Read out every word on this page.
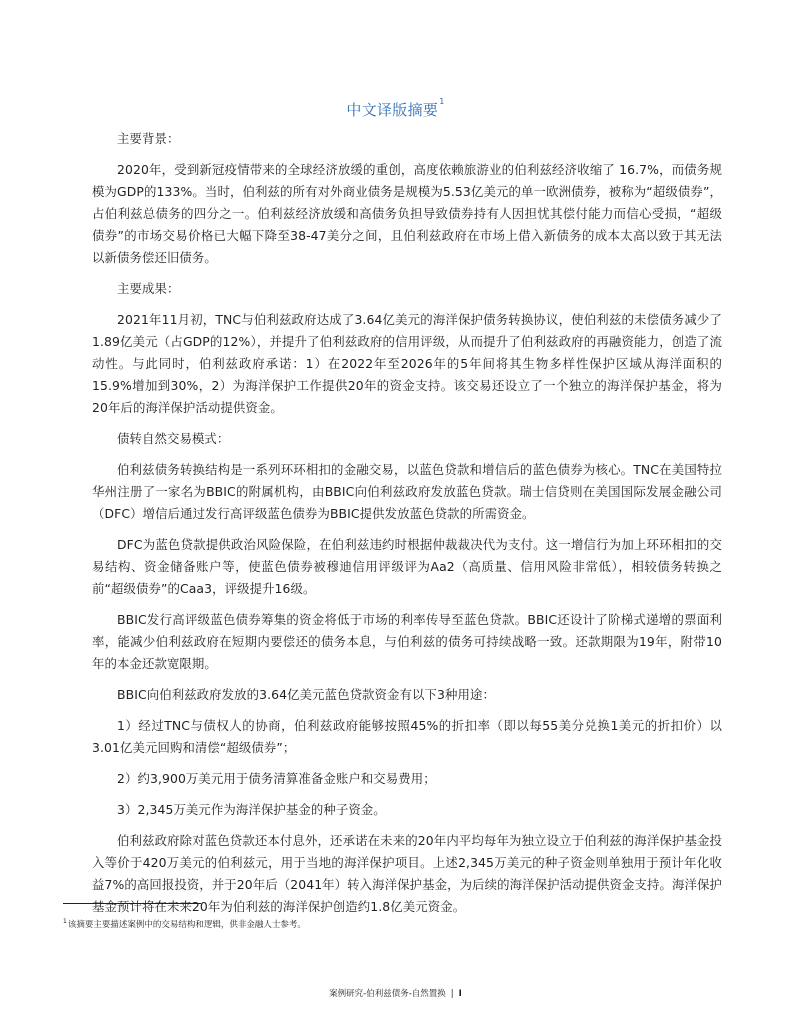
中文译版摘要$^1$

主要背景：

2020年，受到新冠疫情带来的全球经济放缓的重创，高度依赖旅游业的伯利兹经济收缩了 16.7%，而债务规模为GDP的133%。当时，伯利兹的所有对外商业债务是规模为5.53亿美元的单一欧洲债券，被称为“超级债券”，占伯利兹总债务的四分之一。伯利兹经济放缓和高债务负担导致债券持有人因担忧其偿付能力而信心受损，“超级债券”的市场交易价格已大幅下降至38-47美分之间，且伯利兹政府在市场上借入新债务的成本太高以致于其无法以新债务偿还旧债务。

主要成果：

2021年11月初，TNC与伯利兹政府达成了3.64亿美元的海洋保护债务转换协议，使伯利兹的未偿债务减少了1.89亿美元（占GDP的12%），并提升了伯利兹政府的信用评级，从而提升了伯利兹政府的再融资能力，创造了流动性。与此同时，伯利兹政府承诺：1）在2022年至2026年的5年间将其生物多样性保护区域从海洋面积的15.9%增加到30%，2）为海洋保护工作提供20年的资金支持。该交易还设立了一个独立的海洋保护基金，将为20年后的海洋保护活动提供资金。

债转自然交易模式：

伯利兹债务转换结构是一系列环环相扣的金融交易，以蓝色贷款和增信后的蓝色债券为核心。TNC在美国特拉华州注册了一家名为BBIC的附属机构，由BBIC向伯利兹政府发放蓝色贷款。瑞士信贷则在美国国际发展金融公司（DFC）增信后通过发行高评级蓝色债券为BBIC提供发放蓝色贷款的所需资金。

DFC为蓝色贷款提供政治风险保险，在伯利兹违约时根据仲裁裁决代为支付。这一增信行为加上环环相扣的交易结构、资金储备账户等，使蓝色债券被穆迪信用评级评为Aa2（高质量、信用风险非常低），相较债务转换之前“超级债券”的Caa3，评级提升16级。

BBIC发行高评级蓝色债券筹集的资金将低于市场的利率传导至蓝色贷款。BBIC还设计了阶梯式递增的票面利率，能减少伯利兹政府在短期内要偿还的债务本息，与伯利兹的债务可持续战略一致。还款期限为19年，附带10年的本金还款宽限期。

BBIC向伯利兹政府发放的3.64亿美元蓝色贷款资金有以下3种用途：

1）经过TNC与债权人的协商，伯利兹政府能够按照45%的折扣率（即以每55美分兑换1美元的折扣价）以3.01亿美元回购和清偿“超级债券”；

2）约3,900万美元用于债务清算准备金账户和交易费用；

3）2,345万美元作为海洋保护基金的种子资金。

伯利兹政府除对蓝色贷款还本付息外，还承诺在未来的20年内平均每年为独立设立于伯利兹的海洋保护基金投入等价于420万美元的伯利兹元，用于当地的海洋保护项目。上述2,345万美元的种子资金则单独用于预计年化收益7%的高回报投资，并于20年后（2041年）转入海洋保护基金，为后续的海洋保护活动提供资金支持。海洋保护基金预计将在未来20年为伯利兹的海洋保护创造约1.8亿美元资金。

$^1$该摘要主要描述案例中的交易结构和逻辑，供非金融人士参考。
案例研究-伯利兹债务-自然置换 | I
